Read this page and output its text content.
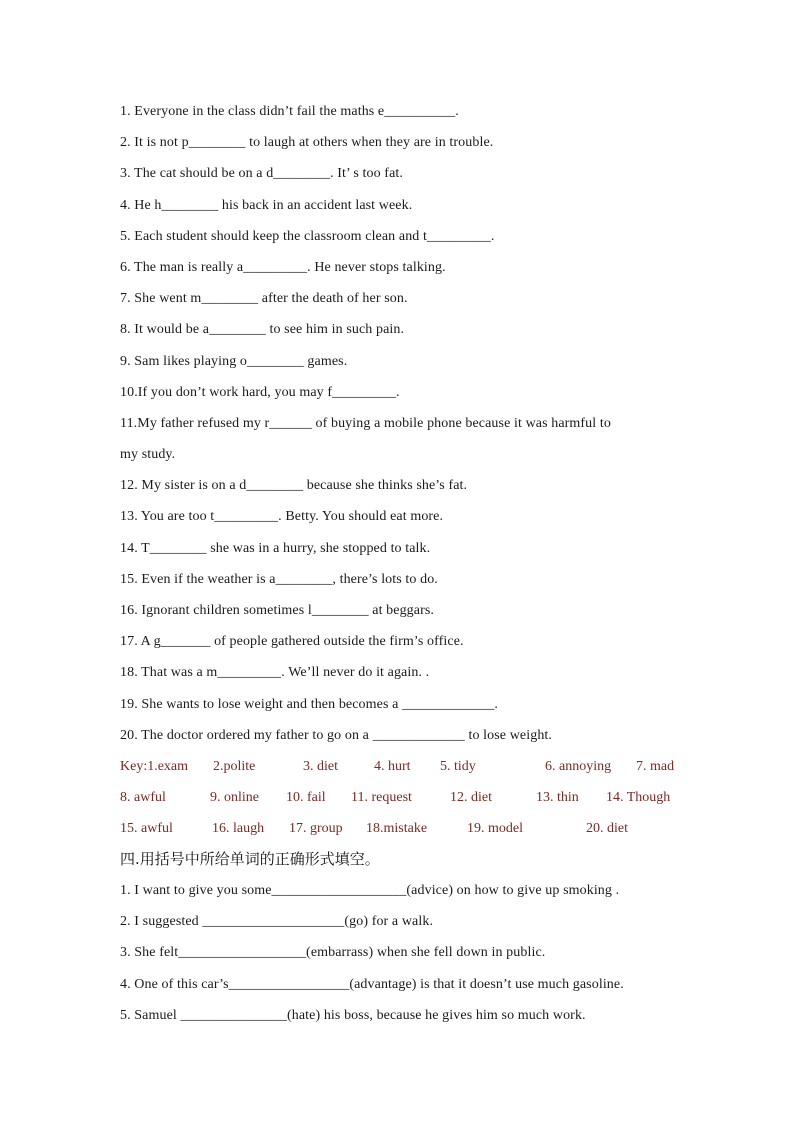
1. Everyone in the class didn’t fail the maths e__________.
2. It is not p________ to laugh at others when they are in trouble.
3. The cat should be on a d________. It’ s too fat.
4. He h________ his back in an accident last week.
5. Each student should keep the classroom clean and t_________.
6. The man is really a_________. He never stops talking.
7. She went m________ after the death of her son.
8. It would be a________ to see him in such pain.
9. Sam likes playing o________ games.
10.If you don’t work hard, you may f_________.
11.My father refused my r______ of buying a mobile phone because it was harmful to
my study.
12. My sister is on a d________ because she thinks she’s fat.
13. You are too t_________. Betty. You should eat more.
14. T________ she was in a hurry, she stopped to talk.
15. Even if the weather is a________, there’s lots to do.
16. Ignorant children sometimes l________ at beggars.
17. A g_______ of people gathered outside the firm’s office.
18. That was a m_________. We’ll never do it again. .
19. She wants to lose weight and then becomes a _____________.
20. The doctor ordered my father to go on a _____________ to lose weight.
Key:1.exam 2.polite	3. diet	4. hurt 5. tidy	6. annoying 7. mad
8. awful	9. online 10. fail 11. request	12. diet	13. thin 14. Though
15. awful	16. laugh 17. group 18.mistake	19. model	20. diet
四.用括号中所给单词的正确形式填空。
1. I want to give you some___________________(advice) on how to give up smoking .
2. I suggested ____________________(go) for a walk.
3. She felt__________________(embarrass) when she fell down in public.
4. One of this car’s_________________(advantage) is that it doesn’t use much gasoline.
5. Samuel _______________(hate) his boss, because he gives him so much work.
